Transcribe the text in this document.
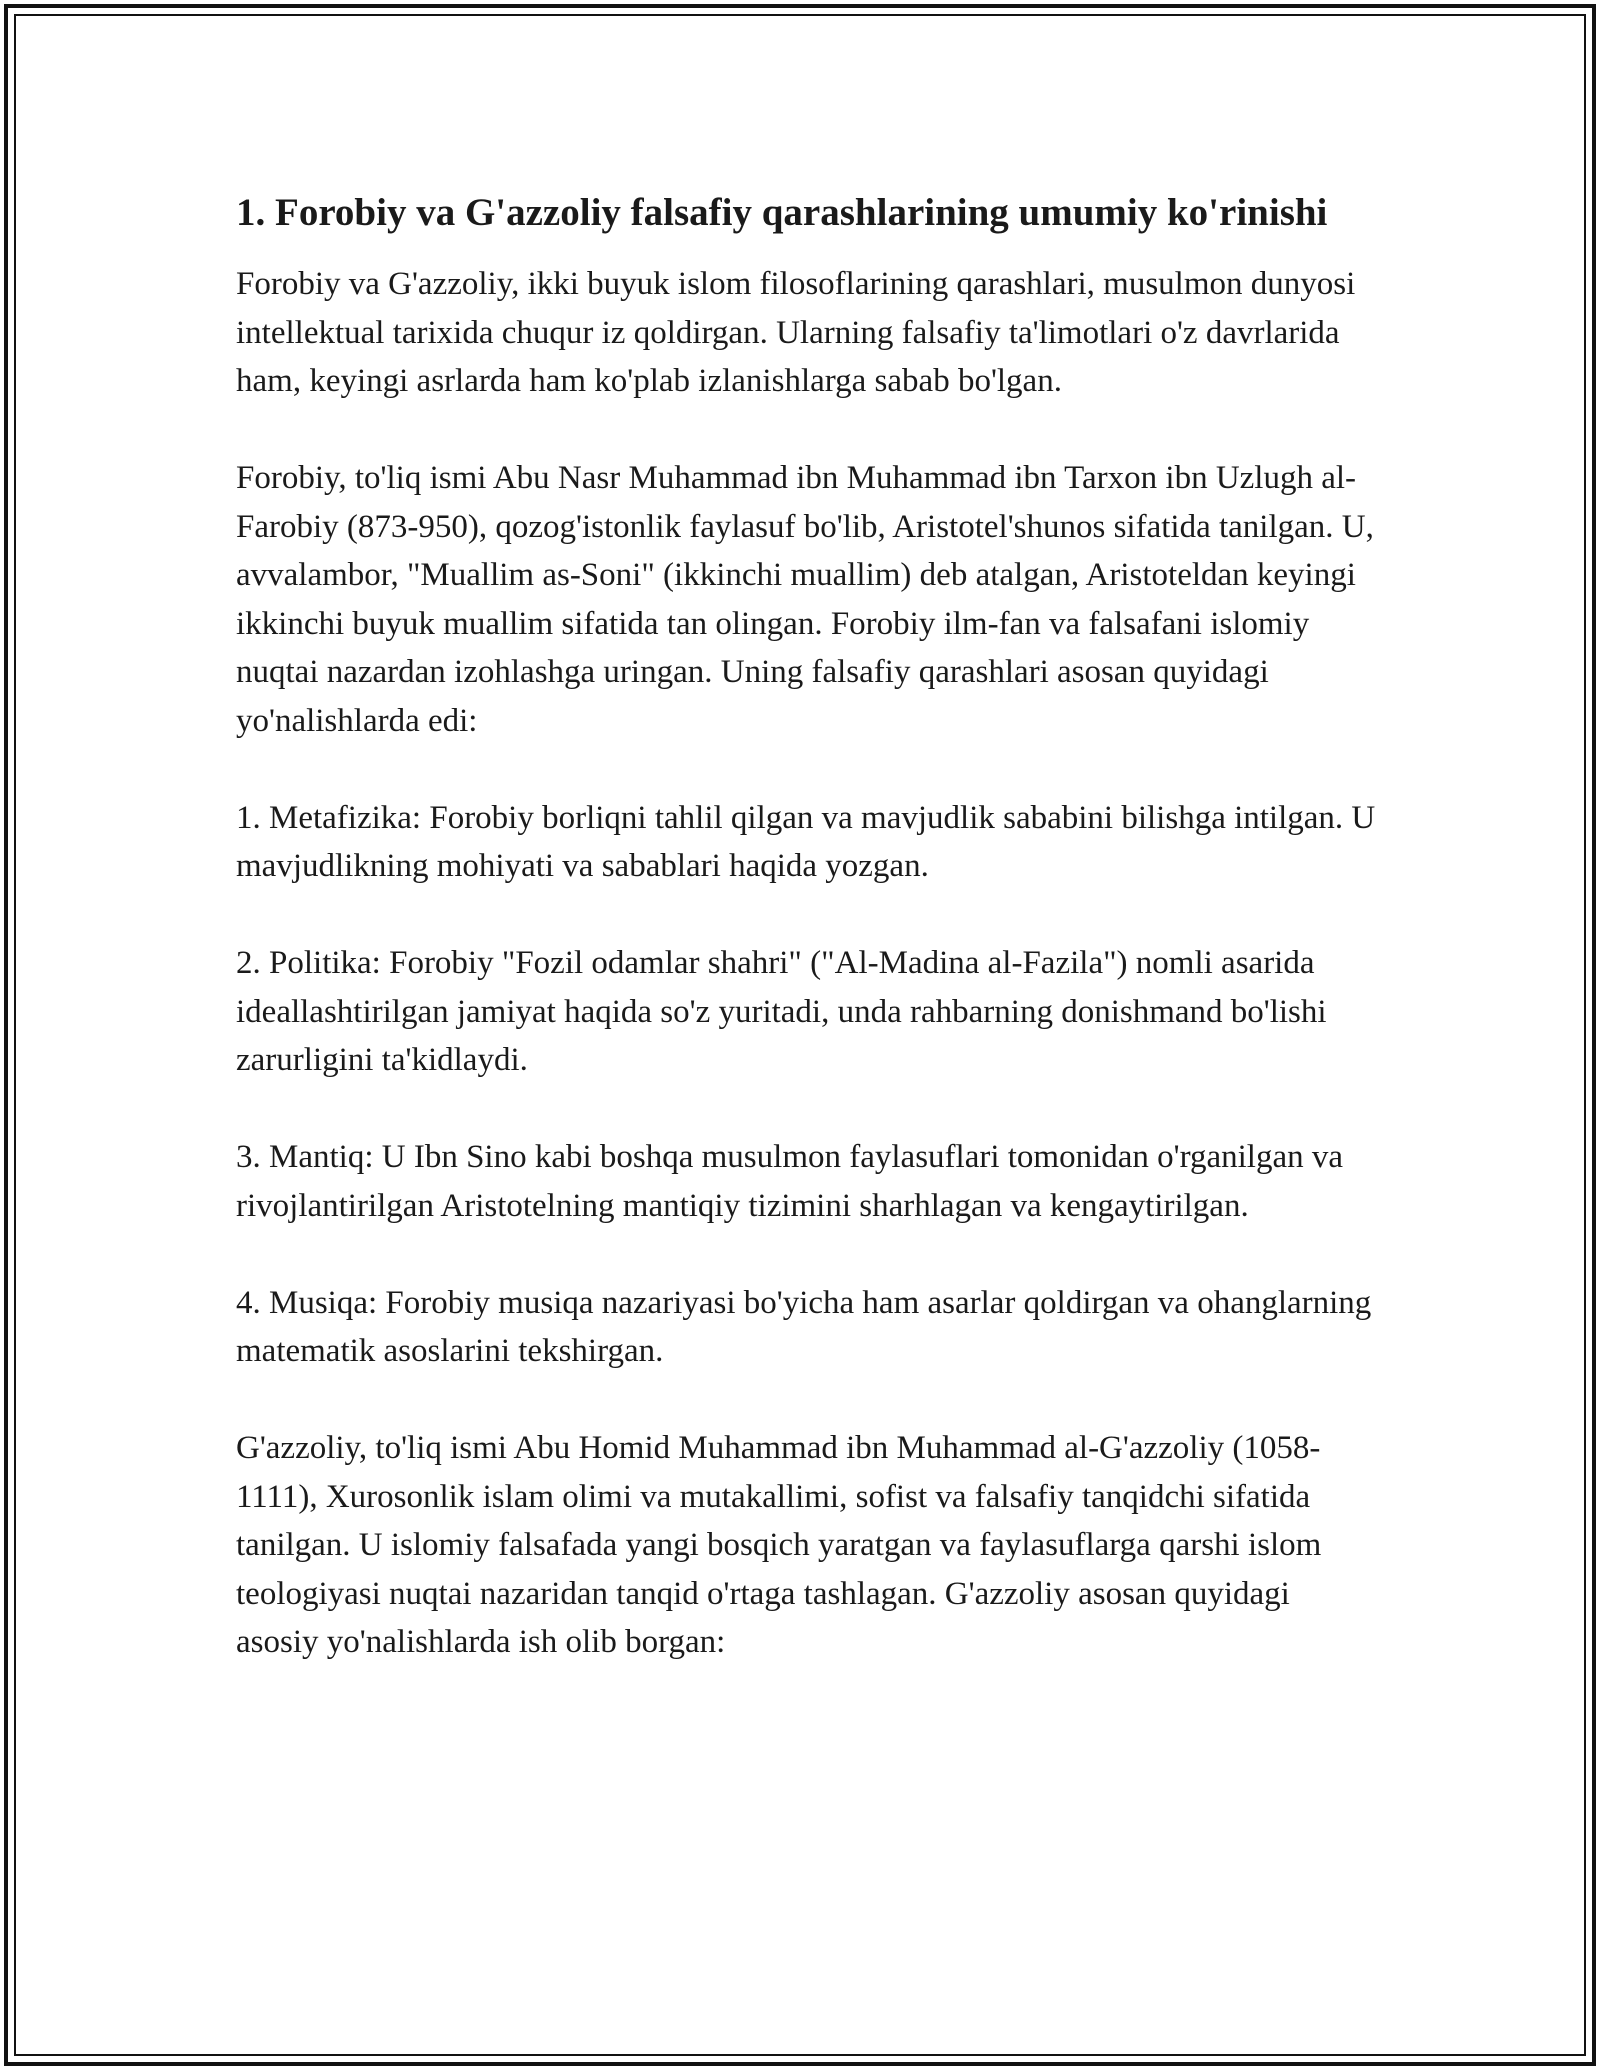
1. Forobiy va G'azzoliy falsafiy qarashlarining umumiy ko'rinishi

Forobiy va G'azzoliy, ikki buyuk islom filosoflarining qarashlari, musulmon dunyosi intellektual tarixida chuqur iz qoldirgan. Ularning falsafiy ta'limotlari o'z davrlarida ham, keyingi asrlarda ham ko'plab izlanishlarga sabab bo'lgan.

Forobiy, to'liq ismi Abu Nasr Muhammad ibn Muhammad ibn Tarxon ibn Uzlugh al-Farobiy (873-950), qozog'istonlik faylasuf bo'lib, Aristotel'shunos sifatida tanilgan. U, avvalambor, "Muallim as-Soni" (ikkinchi muallim) deb atalgan, Aristoteldan keyingi ikkinchi buyuk muallim sifatida tan olingan. Forobiy ilm-fan va falsafani islomiy nuqtai nazardan izohlashga uringan. Uning falsafiy qarashlari asosan quyidagi yo'nalishlarda edi:

1. Metafizika: Forobiy borliqni tahlil qilgan va mavjudlik sababini bilishga intilgan. U mavjudlikning mohiyati va sabablari haqida yozgan.

2. Politika: Forobiy "Fozil odamlar shahri" ("Al-Madina al-Fazila") nomli asarida ideallashtirilgan jamiyat haqida so'z yuritadi, unda rahbarning donishmand bo'lishi zarurligini ta'kidlaydi.

3. Mantiq: U Ibn Sino kabi boshqa musulmon faylasuflari tomonidan o'rganilgan va rivojlantirilgan Aristotelning mantiqiy tizimini sharhlagan va kengaytirilgan.

4. Musiqa: Forobiy musiqa nazariyasi bo'yicha ham asarlar qoldirgan va ohanglarning matematik asoslarini tekshirgan.

G'azzoliy, to'liq ismi Abu Homid Muhammad ibn Muhammad al-G'azzoliy (1058-1111), Xurosonlik islam olimi va mutakallimi, sofist va falsafiy tanqidchi sifatida tanilgan. U islomiy falsafada yangi bosqich yaratgan va faylasuflarga qarshi islom teologiyasi nuqtai nazaridan tanqid o'rtaga tashlagan. G'azzoliy asosan quyidagi asosiy yo'nalishlarda ish olib borgan:
